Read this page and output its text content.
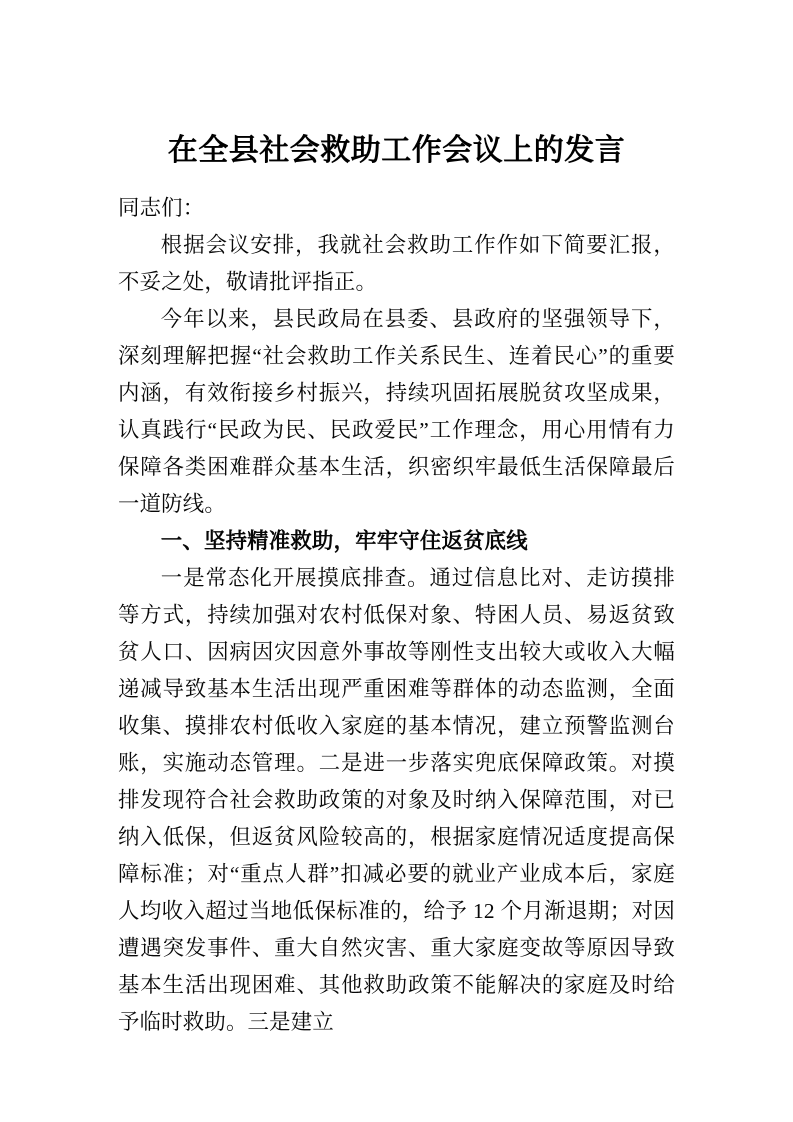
在全县社会救助工作会议上的发言

同志们：

根据会议安排，我就社会救助工作作如下简要汇报，不妥之处，敬请批评指正。

今年以来，县民政局在县委、县政府的坚强领导下，深刻理解把握“社会救助工作关系民生、连着民心”的重要内涵，有效衔接乡村振兴，持续巩固拓展脱贫攻坚成果，认真践行“民政为民、民政爱民”工作理念，用心用情有力保障各类困难群众基本生活，织密织牢最低生活保障最后一道防线。

一、坚持精准救助，牢牢守住返贫底线

一是常态化开展摸底排查。通过信息比对、走访摸排等方式，持续加强对农村低保对象、特困人员、易返贫致贫人口、因病因灾因意外事故等刚性支出较大或收入大幅递减导致基本生活出现严重困难等群体的动态监测，全面收集、摸排农村低收入家庭的基本情况，建立预警监测台账，实施动态管理。二是进一步落实兜底保障政策。对摸排发现符合社会救助政策的对象及时纳入保障范围，对已纳入低保，但返贫风险较高的，根据家庭情况适度提高保障标准；对“重点人群”扣减必要的就业产业成本后，家庭人均收入超过当地低保标准的，给予 12 个月渐退期；对因遭遇突发事件、重大自然灾害、重大家庭变故等原因导致基本生活出现困难、其他救助政策不能解决的家庭及时给予临时救助。三是建立
